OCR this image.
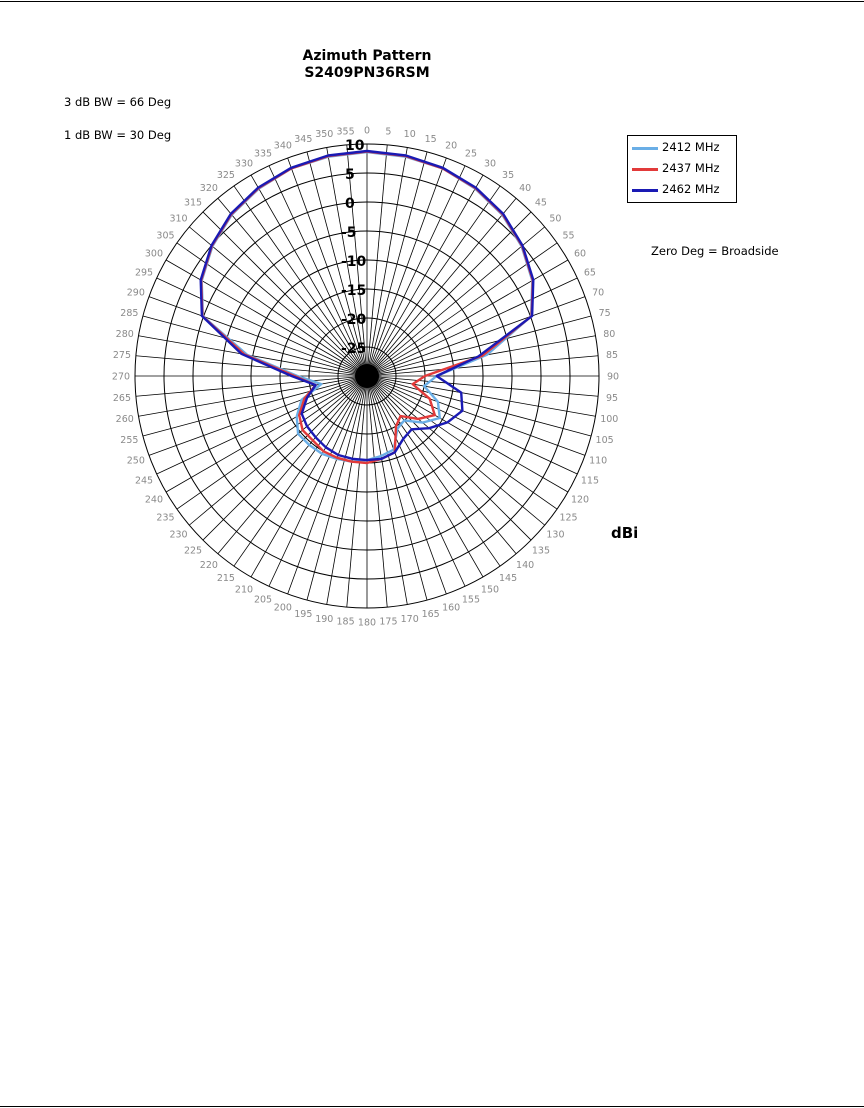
0 5 10 15
20
25
30
35
40
45
50
55
60
65
70
75
80
85
90
95
100
105
110
115
120
125
130
135
140
145
150
155
160
165
170
175
180
185
190
195
200
205
210
215
220
225
230
235
240
245
250
255
260
265
270
275
280
285
290
295
300
305
310
315
320
325
330
335
340
345 350 355
10
5
0
-5
-10
-15
-20
-25
Azimuth Pattern
S2409PN36RSM
3 dB BW = 66 Deg
1 dB BW = 30 Deg
Zero Deg = Broadside
dBi
2412 MHz
2437 MHz
2462 MHz
